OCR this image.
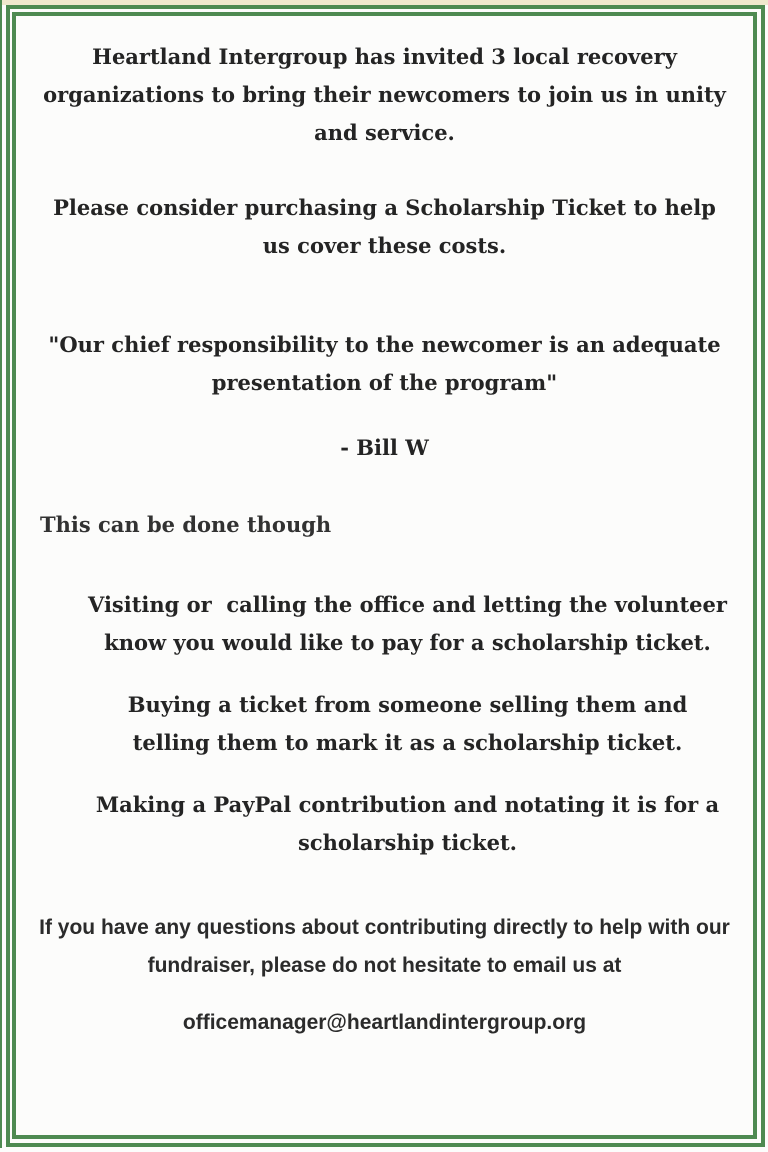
Heartland Intergroup has invited 3 local recovery organizations to bring their newcomers to join us in unity and service.
Please consider purchasing a Scholarship Ticket to help us cover these costs.
"Our chief responsibility to the newcomer is an adequate presentation of the program"
- Bill W
This can be done though
Visiting or  calling the office and letting the volunteer know you would like to pay for a scholarship ticket.
Buying a ticket from someone selling them and telling them to mark it as a scholarship ticket.
Making a PayPal contribution and notating it is for a scholarship ticket.
If you have any questions about contributing directly to help with our fundraiser, please do not hesitate to email us at
officemanager@heartlandintergroup.org
